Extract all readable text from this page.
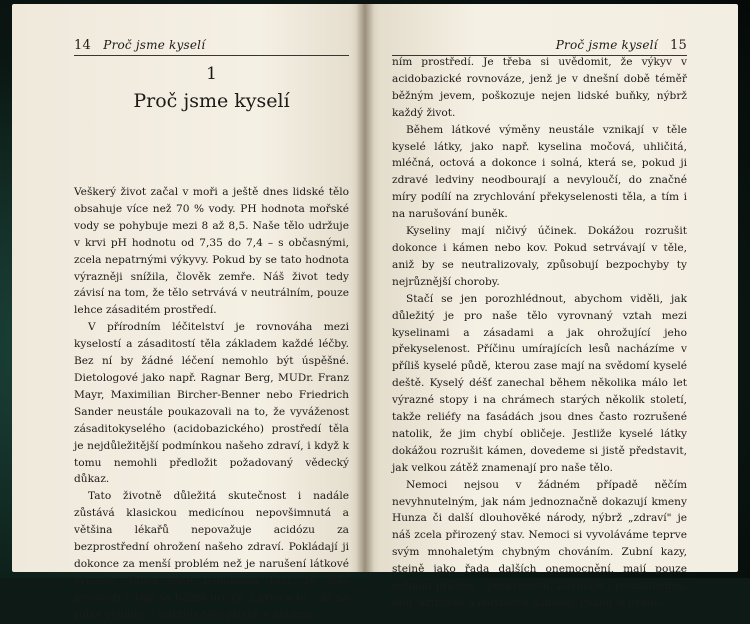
14 Proč jsme kyselí
1
Proč jsme kyselí

Veškerý život začal v moři a ještě dnes lidské tělo obsahuje více než 70 % vody. PH hodnota mořské vody se pohybuje mezi 8 až 8,5. Naše tělo udržuje v krvi pH hodnotu od 7,35 do 7,4 – s občasnými, zcela nepatrnými výkyvy. Pokud by se tato hodnota výrazněji snížila, člověk zemře. Náš život tedy závisí na tom, že tělo setrvává v neutrálním, pouze lehce zásaditém prostředí.

V přírodním léčitelství je rovnováha mezi kyselostí a zásaditostí těla základem každé léčby. Bez ní by žádné léčení nemohlo být úspěšné. Dietologové jako např. Ragnar Berg, MUDr. Franz Mayr, Maximilian Bircher-Benner nebo Friedrich Sander neustále poukazovali na to, že vyváženost zásaditokyselého (acidobazického) prostředí těla je nejdůležitější podmínkou našeho zdraví, i když k tomu nemohli předložit požadovaný vědecký důkaz.

Tato životně důležitá skutečnost i nadále zůstává klasickou medicínou nepovšimnutá a většina lékařů nepovažuje acidózu za bezprostřední ohrožení našeho zdraví. Pokládají ji dokonce za menší problém než je narušení látkové výměny. Tomu ještě napomáhá fakt, že stav kyselosti v těle se běžně určuje z krve a ta – až na řídké výjimky – udržuje tělo přísně v neutrál-

Proč jsme kyselí 15

ním prostředí. Je třeba si uvědomit, že výkyv v acidobazické rovnováze, jenž je v dnešní době téměř běžným jevem, poškozuje nejen lidské buňky, nýbrž každý život.

Během látkové výměny neustále vznikají v těle kyselé látky, jako např. kyselina močová, uhličitá, mléčná, octová a dokonce i solná, která se, pokud ji zdravé ledviny neodbourají a nevyloučí, do značné míry podílí na zrychlování překyselenosti těla, a tím i na narušování buněk.

Kyseliny mají ničivý účinek. Dokážou rozrušit dokonce i kámen nebo kov. Pokud setrvávají v těle, aniž by se neutralizovaly, způsobují bezpochyby ty nejrůznější choroby.

Stačí se jen porozhlédnout, abychom viděli, jak důležitý je pro naše tělo vyrovnaný vztah mezi kyselinami a zásadami a jak ohrožující jeho překyselenost. Příčinu umírajících lesů nacházíme v příliš kyselé půdě, kterou zase mají na svědomí kyselé deště. Kyselý déšť zanechal během několika málo let výrazné stopy i na chrámech starých několik století, takže reliéfy na fasádách jsou dnes často rozrušené natolik, že jim chybí obličeje. Jestliže kyselé látky dokážou rozrušit kámen, dovedeme si jistě představit, jak velkou zátěž znamenají pro naše tělo.

Nemoci nejsou v žádném případě něčím nevyhnutelným, jak nám jednoznačně dokazují kmeny Hunza či další dlouhověké národy, nýbrž „zdraví" je náš zcela přirozený stav. Nemoci si vyvoláváme teprve svým mnohaletým chybným chováním. Zubní kazy, stejně jako řada dalších onemocnění, mají pouze jedinou příčinu – překyselení. Zavínuje i revmatismus, dnu, artritidu a ledvinové kameny. Pokud si uvědo-
